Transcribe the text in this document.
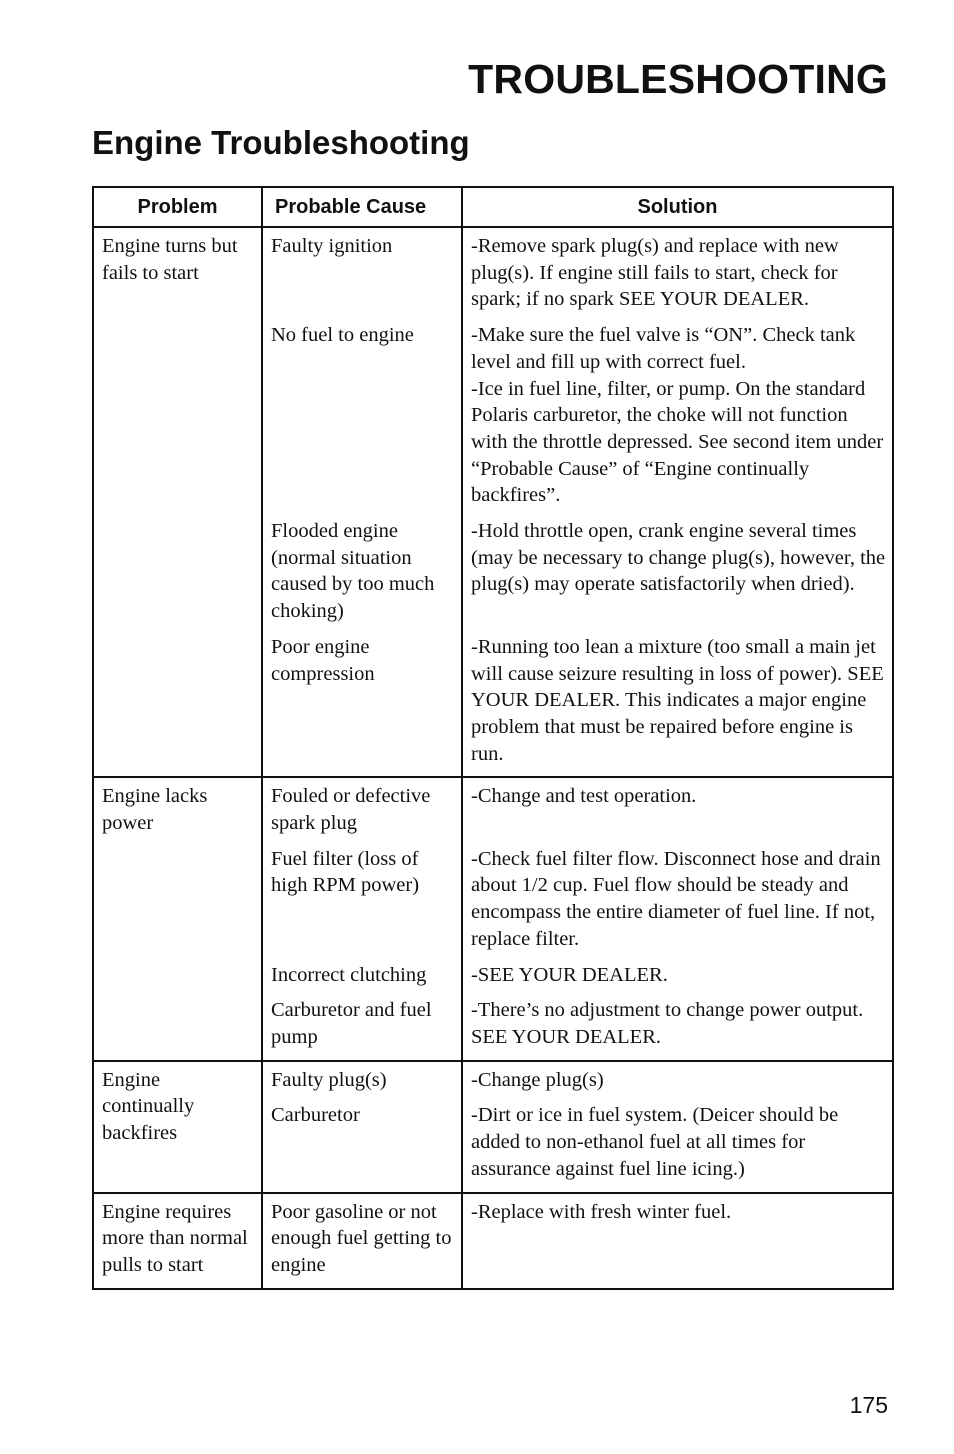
TROUBLESHOOTING
Engine Troubleshooting
Problem	Probable Cause	Solution
Engine turns but fails to start	Faulty ignition	-Remove spark plug(s) and replace with new plug(s). If engine still fails to start, check for spark; if no spark SEE YOUR DEALER.
	No fuel to engine	-Make sure the fuel valve is “ON”. Check tank level and fill up with correct fuel.
-Ice in fuel line, filter, or pump. On the standard Polaris carburetor, the choke will not function with the throttle depressed. See second item under “Probable Cause” of “Engine continually backfires”.
	Flooded engine (normal situation caused by too much choking)	-Hold throttle open, crank engine several times (may be necessary to change plug(s), however, the plug(s) may operate satisfactorily when dried).
	Poor engine compression	-Running too lean a mixture (too small a main jet will cause seizure resulting in loss of power). SEE YOUR DEALER. This indicates a major engine problem that must be repaired before engine is run.
Engine lacks power	Fouled or defective spark plug	-Change and test operation.
	Fuel filter (loss of high RPM power)	-Check fuel filter flow. Disconnect hose and drain about 1/2 cup. Fuel flow should be steady and encompass the entire diameter of fuel line. If not, replace filter.
	Incorrect clutching	-SEE YOUR DEALER.
	Carburetor and fuel pump	-There’s no adjustment to change power output. SEE YOUR DEALER.
Engine continually backfires	Faulty plug(s)	-Change plug(s)
	Carburetor	-Dirt or ice in fuel system. (Deicer should be added to non-ethanol fuel at all times for assurance against fuel line icing.)
Engine requires more than normal pulls to start	Poor gasoline or not enough fuel getting to engine	-Replace with fresh winter fuel.
175
